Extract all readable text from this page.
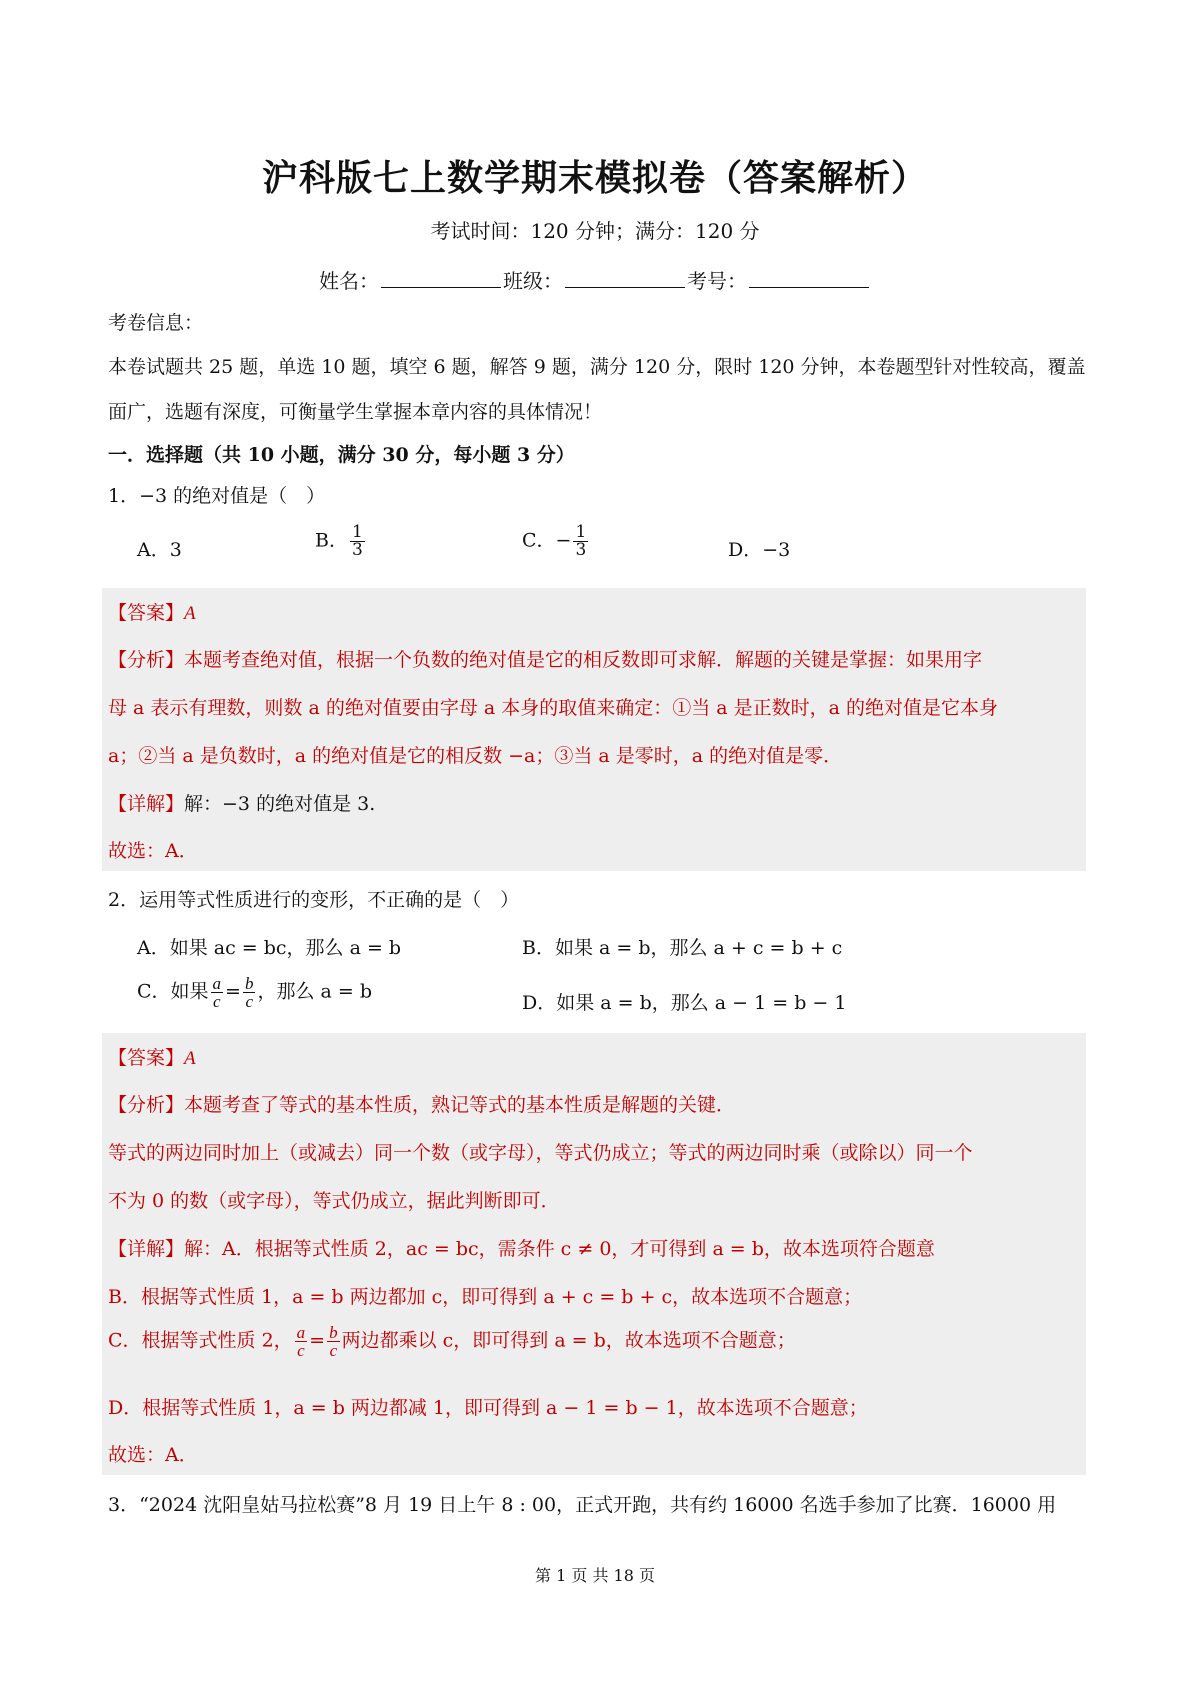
沪科版七上数学期末模拟卷（答案解析）
考试时间：120 分钟；满分：120 分
姓名：	班级：	考号：
考卷信息：
本卷试题共 25 题，单选 10 题，填空 6 题，解答 9 题，满分 120 分，限时 120 分钟，本卷题型针对性较高，覆盖
面广，选题有深度，可衡量学生掌握本章内容的具体情况！
一．选择题（共 10 小题，满分 30 分，每小题 3 分）
1．−3 的绝对值是（　）
A．3	B． $\frac{1}{3}$	C．− $\frac{1}{3}$	D．−3
【答案】A
【分析】本题考查绝对值，根据一个负数的绝对值是它的相反数即可求解．解题的关键是掌握：如果用字
母 a 表示有理数，则数 a 的绝对值要由字母 a 本身的取值来确定：①当 a 是正数时，a 的绝对值是它本身
a；②当 a 是负数时，a 的绝对值是它的相反数 −a；③当 a 是零时，a 的绝对值是零．
【详解】解：−3 的绝对值是 3.
故选：A．
2．运用等式性质进行的变形，不正确的是（　）
A．如果 ac = bc，那么 a = b	B．如果 a = b，那么 a + c = b + c
C．如果 $\frac{a}{c} = \frac{b}{c}$ ，那么 a = b
D．如果 a = b，那么 a − 1 = b − 1
【答案】A
【分析】本题考查了等式的基本性质，熟记等式的基本性质是解题的关键．
等式的两边同时加上（或减去）同一个数（或字母），等式仍成立；等式的两边同时乘（或除以）同一个
不为 0 的数（或字母），等式仍成立，据此判断即可．
【详解】解：A．根据等式性质 2，ac = bc，需条件 c ≠ 0，才可得到 a = b，故本选项符合题意
B．根据等式性质 1，a = b 两边都加 c，即可得到 a + c = b + c，故本选项不合题意；
C．根据等式性质 2， $\frac{a}{c} = \frac{b}{c}$ 两边都乘以 c，即可得到 a = b，故本选项不合题意；
D．根据等式性质 1，a = b 两边都减 1，即可得到 a − 1 = b − 1，故本选项不合题意；
故选：A．
3．“2024 沈阳皇姑马拉松赛”8 月 19 日上午 8 : 00，正式开跑，共有约 16000 名选手参加了比赛．16000 用
第 1 页 共 18 页
